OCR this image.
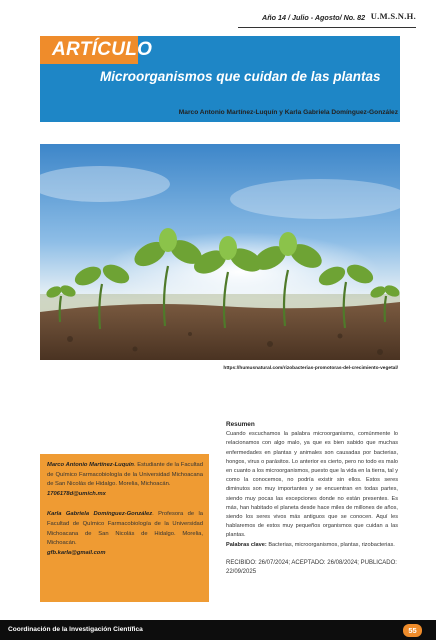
Año 14 / Julio - Agosto/ No. 82 U.M.S.N.H.
ARTÍCULO
Microorganismos que cuidan de las plantas
Marco Antonio Martínez-Luquín y Karla Gabriela Domínguez-González
https://humusnatural.com/rizobacterias-promotoras-del-crecimiento-vegetal/
Resumen
Cuando escuchamos la palabra microorganismo, comúnmente lo relacionamos con algo malo, ya que es bien sabido que muchas enfermedades en plantas y animales son causadas por bacterias, hongos, virus o parásitos. Lo anterior es cierto, pero no todo es malo en cuanto a los microorganismos, puesto que la vida en la tierra, tal y como la conocemos, no podría existir sin ellos. Estos seres diminutos son muy importantes y se encuentran en todas partes, siendo muy pocas las excepciones donde no están presentes. Es más, han habitado el planeta desde hace miles de millones de años, siendo los seres vivos más antiguos que se conocen. Aquí les hablaremos de estos muy pequeños organismos que cuidan a las plantas.
Palabras clave: Bacterias, microorganismos, plantas, rizobacterias.
RECIBIDO: 26/07/2024; ACEPTADO: 26/08/2024; PUBLICADO: 22/09/2025
Marco Antonio Martínez-Luquín. Estudiante de la Facultad de Químico Farmacobiología de la Universidad Michoacana de San Nicolás de Hidalgo. Morelia, Michoacán.
1706178d@umich.mx
Karla Gabriela Domínguez-González. Profesora de la Facultad de Químico Farmacobiología de la Universidad Michoacana de San Nicolás de Hidalgo. Morelia, Michoacán.
gfb.karla@gmail.com
Coordinación de la Investigación Científica	55
